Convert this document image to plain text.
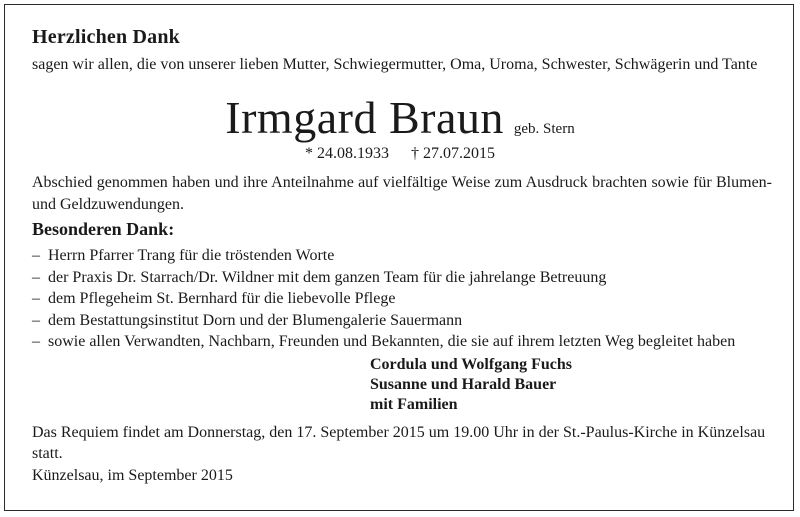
Herzlichen Dank
sagen wir allen, die von unserer lieben Mutter, Schwiegermutter, Oma, Uroma, Schwester, Schwägerin und Tante
Irmgard Braun geb. Stern
* 24.08.1933 † 27.07.2015
Abschied genommen haben und ihre Anteilnahme auf vielfältige Weise zum Ausdruck brachten sowie für Blumen- und Geldzuwendungen.
Besonderen Dank:
– Herrn Pfarrer Trang für die tröstenden Worte
– der Praxis Dr. Starrach/Dr. Wildner mit dem ganzen Team für die jahrelange Betreuung
– dem Pflegeheim St. Bernhard für die liebevolle Pflege
– dem Bestattungsinstitut Dorn und der Blumengalerie Sauermann
– sowie allen Verwandten, Nachbarn, Freunden und Bekannten, die sie auf ihrem letzten Weg begleitet haben
Cordula und Wolfgang Fuchs
Susanne und Harald Bauer
mit Familien
Das Requiem findet am Donnerstag, den 17. September 2015 um 19.00 Uhr in der St.-Paulus-Kirche in Künzelsau statt.
Künzelsau, im September 2015
